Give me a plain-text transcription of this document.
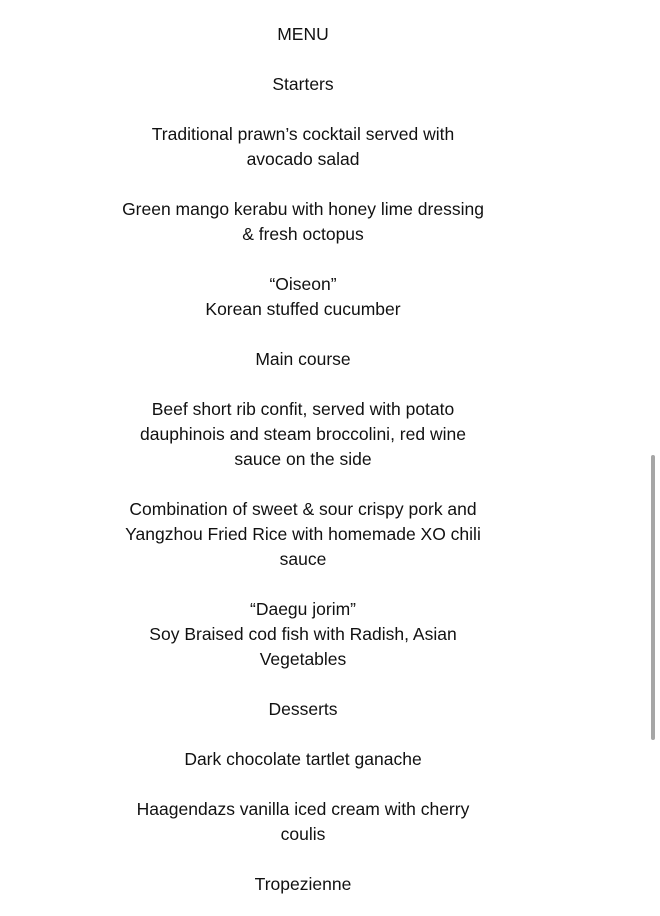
MENU
Starters
Traditional prawn’s cocktail served with
avocado salad
Green mango kerabu with honey lime dressing
& fresh octopus
“Oiseon”
Korean stuffed cucumber
Main course
Beef short rib confit, served with potato
dauphinois and steam broccolini, red wine
sauce on the side
Combination of sweet & sour crispy pork and
Yangzhou Fried Rice with homemade XO chili
sauce
“Daegu jorim”
Soy Braised cod fish with Radish, Asian
Vegetables
Desserts
Dark chocolate tartlet ganache
Haagendazs vanilla iced cream with cherry
coulis
Tropezienne
